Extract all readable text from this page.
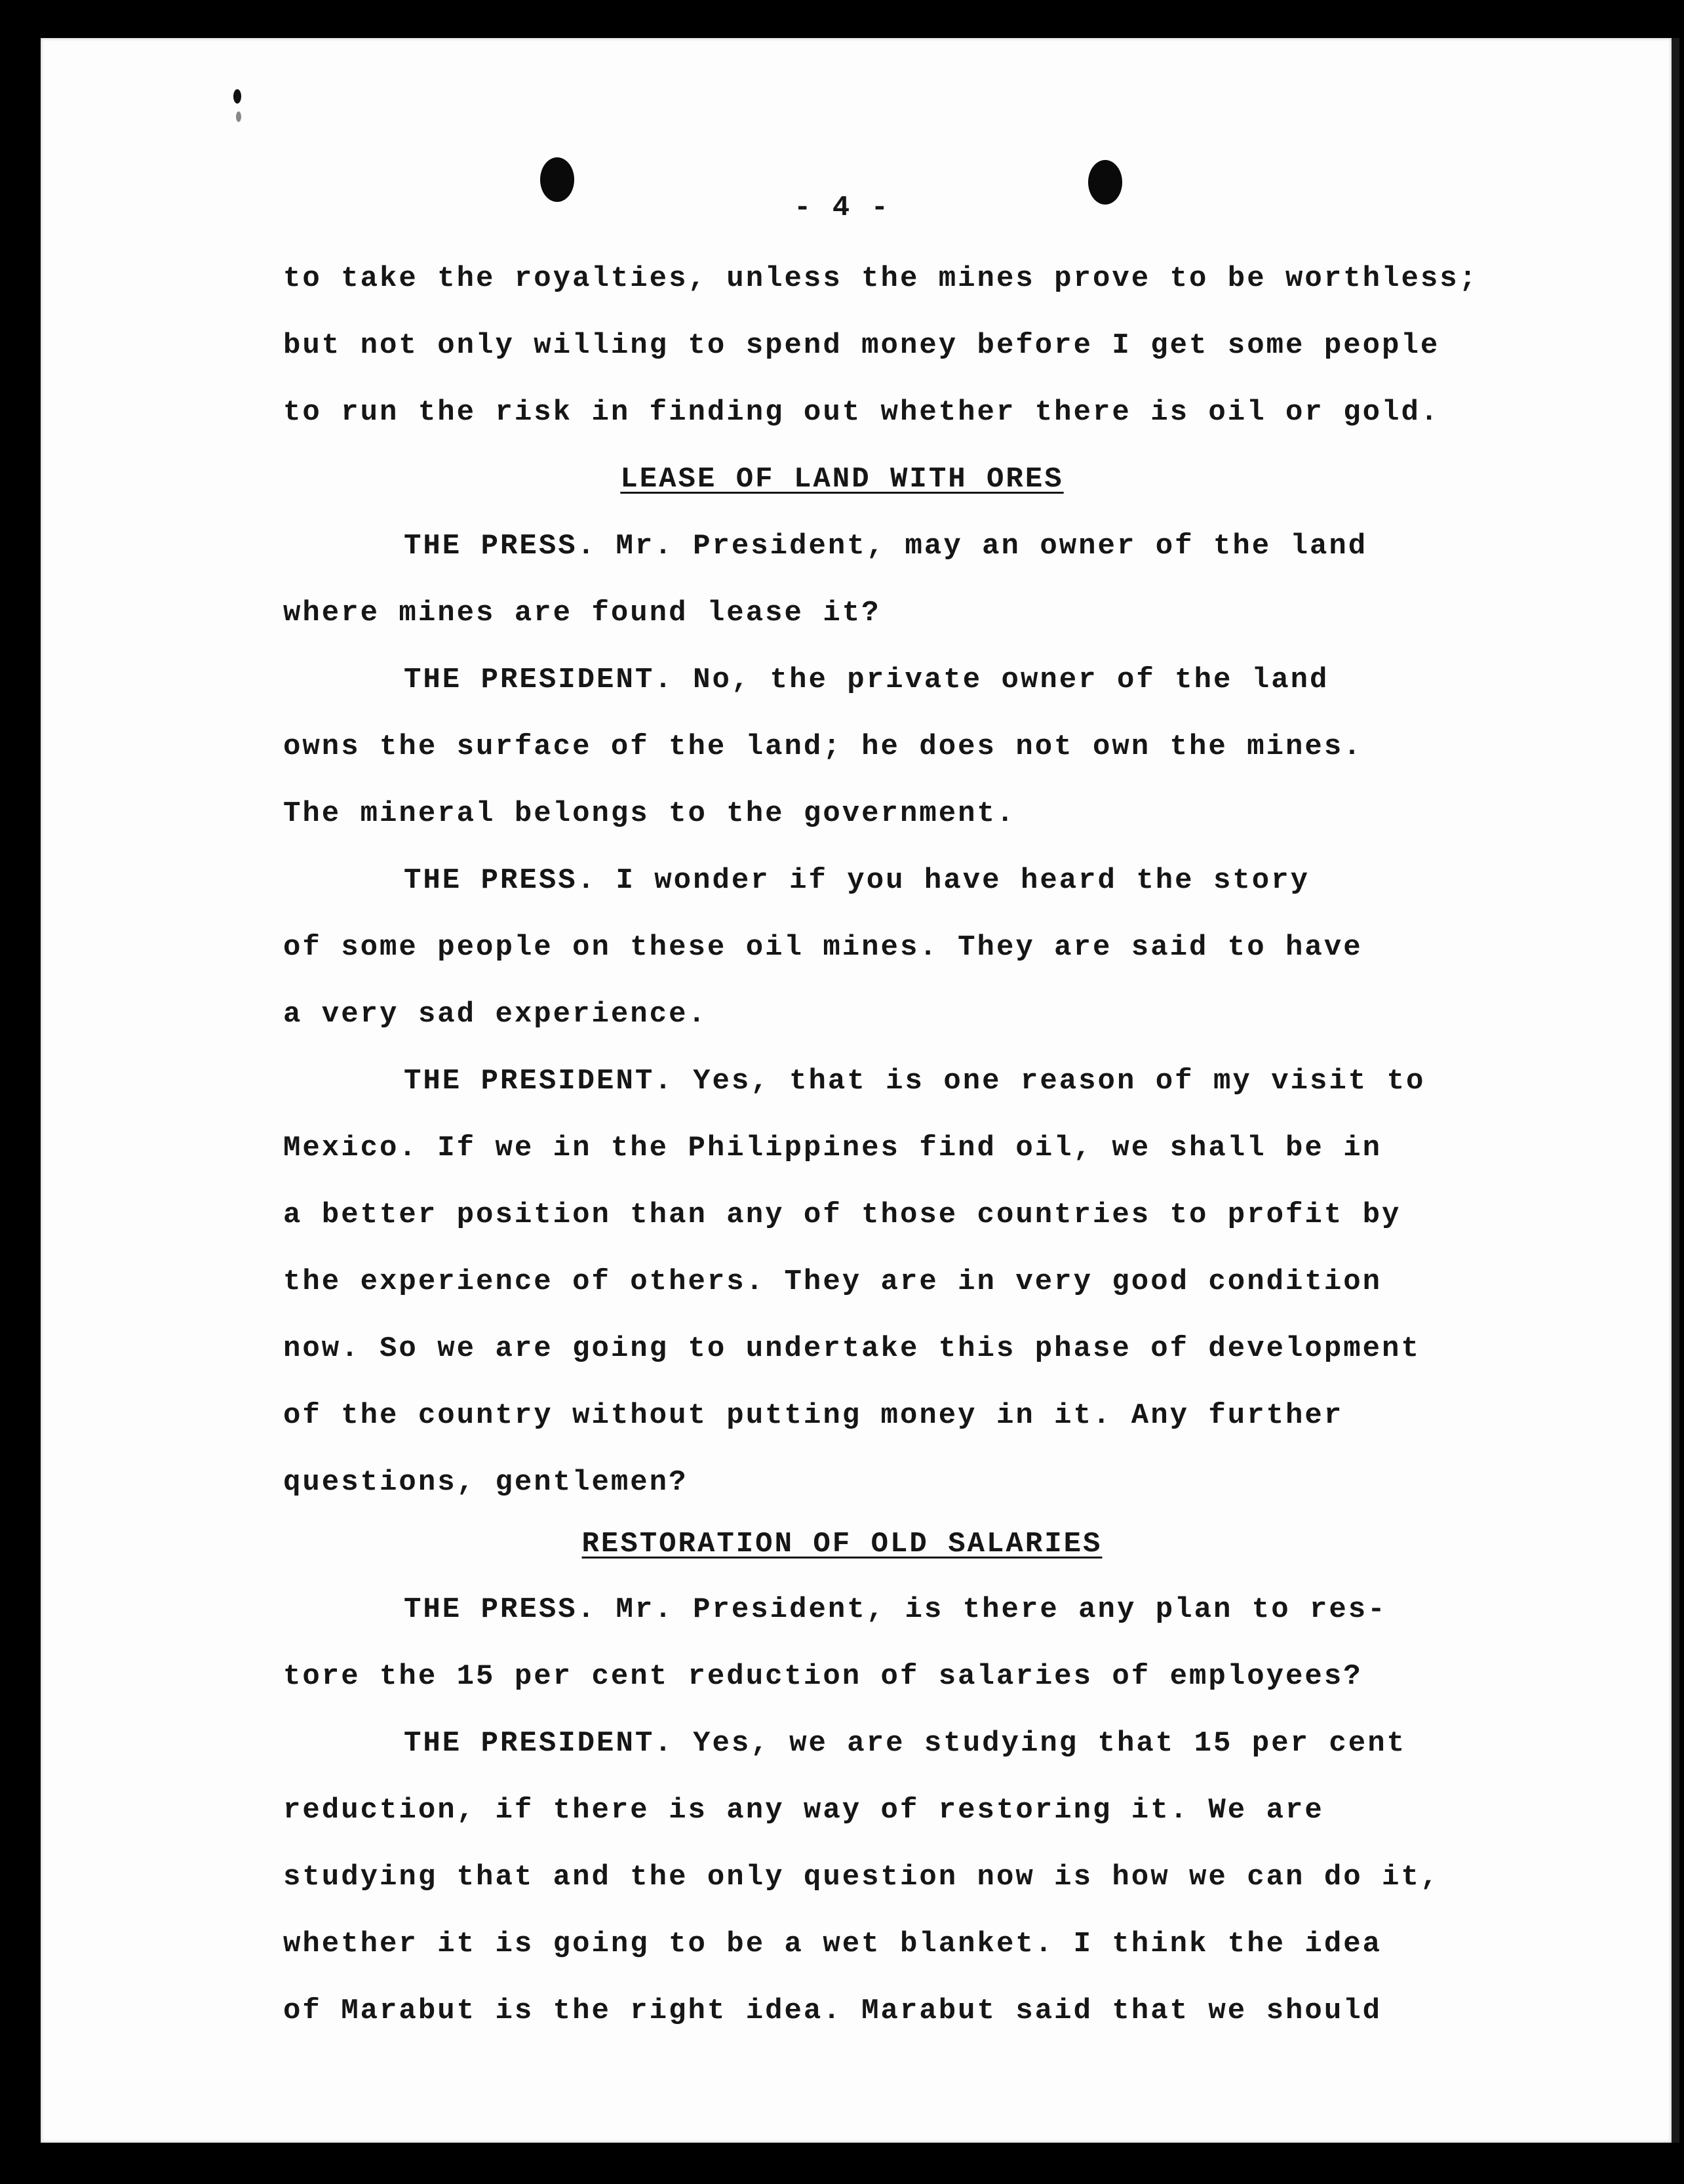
- 4 -

to take the royalties, unless the mines prove to be worthless;

but not only willing to spend money before I get some people

to run the risk in finding out whether there is oil or gold.

LEASE OF LAND WITH ORES

THE PRESS. Mr. President, may an owner of the land

where mines are found lease it?

THE PRESIDENT. No, the private owner of the land

owns the surface of the land; he does not own the mines.

The mineral belongs to the government.

THE PRESS. I wonder if you have heard the story

of some people on these oil mines. They are said to have

a very sad experience.

THE PRESIDENT. Yes, that is one reason of my visit to

Mexico. If we in the Philippines find oil, we shall be in

a better position than any of those countries to profit by

the experience of others. They are in very good condition

now. So we are going to undertake this phase of development

of the country without putting money in it. Any further

questions, gentlemen?

RESTORATION OF OLD SALARIES

THE PRESS. Mr. President, is there any plan to res-

tore the 15 per cent reduction of salaries of employees?

THE PRESIDENT. Yes, we are studying that 15 per cent

reduction, if there is any way of restoring it. We are

studying that and the only question now is how we can do it,

whether it is going to be a wet blanket. I think the idea

of Marabut is the right idea. Marabut said that we should
